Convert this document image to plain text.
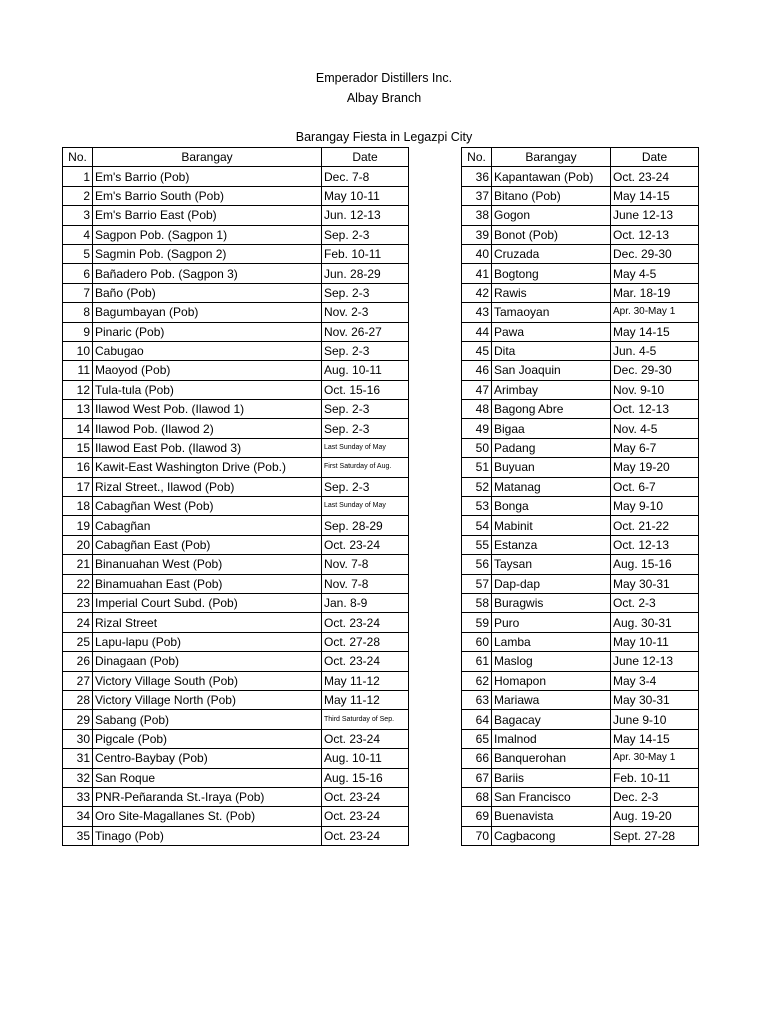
Emperador Distillers Inc.
Albay Branch
Barangay Fiesta in Legazpi City
No.	Barangay	Date
1	Em's Barrio (Pob)	Dec. 7-8
2	Em's Barrio South (Pob)	May 10-11
3	Em's Barrio East (Pob)	Jun. 12-13
4	Sagpon Pob. (Sagpon 1)	Sep. 2-3
5	Sagmin Pob. (Sagpon 2)	Feb. 10-11
6	Bañadero Pob. (Sagpon 3)	Jun. 28-29
7	Baño (Pob)	Sep. 2-3
8	Bagumbayan (Pob)	Nov. 2-3
9	Pinaric (Pob)	Nov. 26-27
10	Cabugao	Sep. 2-3
11	Maoyod (Pob)	Aug. 10-11
12	Tula-tula (Pob)	Oct. 15-16
13	Ilawod West Pob. (Ilawod 1)	Sep. 2-3
14	Ilawod Pob. (Ilawod 2)	Sep. 2-3
15	Ilawod East Pob. (Ilawod 3)	Last Sunday of May
16	Kawit-East Washington Drive (Pob.)	First Saturday of Aug.
17	Rizal Street., Ilawod (Pob)	Sep. 2-3
18	Cabagñan West (Pob)	Last Sunday of May
19	Cabagñan	Sep. 28-29
20	Cabagñan East (Pob)	Oct. 23-24
21	Binanuahan West (Pob)	Nov. 7-8
22	Binamuahan East (Pob)	Nov. 7-8
23	Imperial Court Subd. (Pob)	Jan. 8-9
24	Rizal Street	Oct. 23-24
25	Lapu-lapu (Pob)	Oct. 27-28
26	Dinagaan (Pob)	Oct. 23-24
27	Victory Village South (Pob)	May 11-12
28	Victory Village North (Pob)	May 11-12
29	Sabang (Pob)	Third Saturday of Sep.
30	Pigcale (Pob)	Oct. 23-24
31	Centro-Baybay (Pob)	Aug. 10-11
32	San Roque	Aug. 15-16
33	PNR-Peñaranda St.-Iraya (Pob)	Oct. 23-24
34	Oro Site-Magallanes St. (Pob)	Oct. 23-24
35	Tinago (Pob)	Oct. 23-24
No.	Barangay	Date
36	Kapantawan (Pob)	Oct. 23-24
37	Bitano (Pob)	May 14-15
38	Gogon	June 12-13
39	Bonot (Pob)	Oct. 12-13
40	Cruzada	Dec. 29-30
41	Bogtong	May 4-5
42	Rawis	Mar. 18-19
43	Tamaoyan	Apr. 30-May 1
44	Pawa	May 14-15
45	Dita	Jun. 4-5
46	San Joaquin	Dec. 29-30
47	Arimbay	Nov. 9-10
48	Bagong Abre	Oct. 12-13
49	Bigaa	Nov. 4-5
50	Padang	May 6-7
51	Buyuan	May 19-20
52	Matanag	Oct. 6-7
53	Bonga	May 9-10
54	Mabinit	Oct. 21-22
55	Estanza	Oct. 12-13
56	Taysan	Aug. 15-16
57	Dap-dap	May 30-31
58	Buragwis	Oct. 2-3
59	Puro	Aug. 30-31
60	Lamba	May 10-11
61	Maslog	June 12-13
62	Homapon	May 3-4
63	Mariawa	May 30-31
64	Bagacay	June 9-10
65	Imalnod	May 14-15
66	Banquerohan	Apr. 30-May 1
67	Bariis	Feb. 10-11
68	San Francisco	Dec. 2-3
69	Buenavista	Aug. 19-20
70	Cagbacong	Sept. 27-28
